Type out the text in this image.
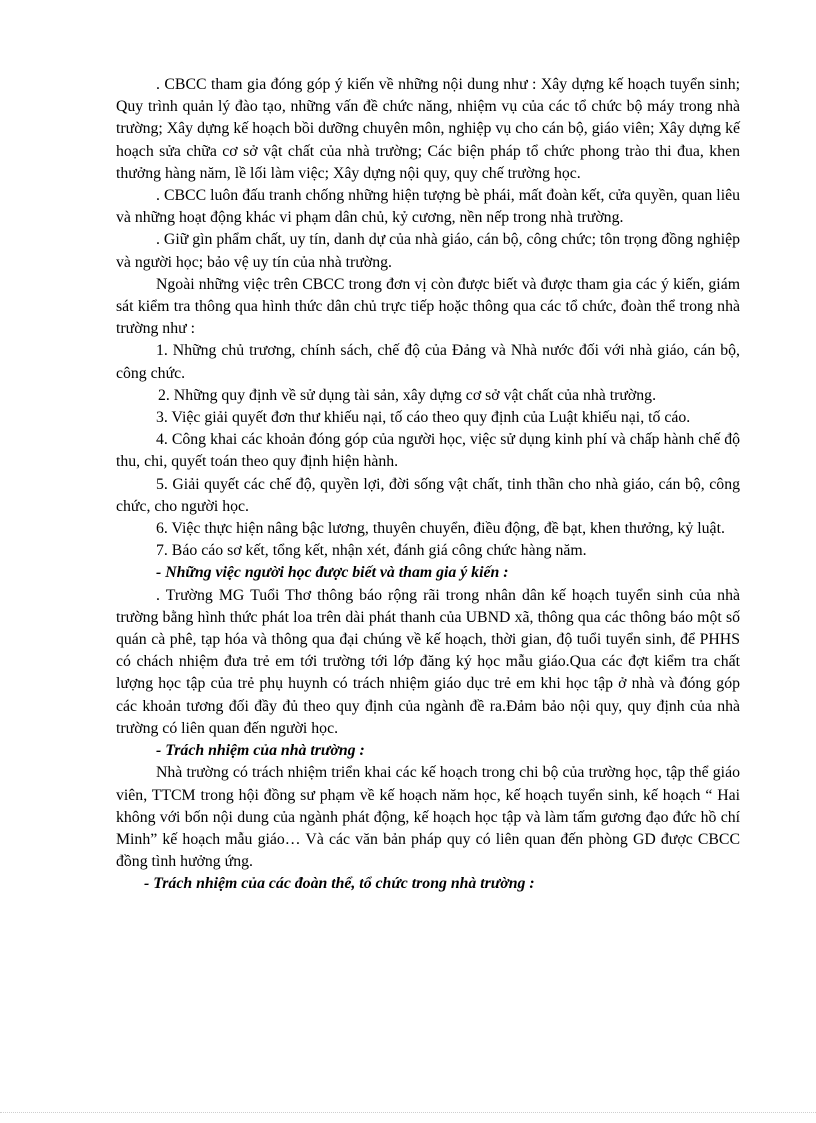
. CBCC tham gia đóng góp ý kiến về những nội dung như : Xây dựng kế hoạch tuyển sinh; Quy trình quản lý đào tạo, những vấn đề chức năng, nhiệm vụ của các tổ chức bộ máy trong nhà trường; Xây dựng kế hoạch bồi dưỡng chuyên môn, nghiệp vụ cho cán bộ, giáo viên; Xây dựng kế hoạch sửa chữa cơ sở vật chất của nhà trường; Các biện pháp tổ chức phong trào thi đua, khen thưởng hàng năm, lề lối làm việc; Xây dựng nội quy, quy chế trường học.

. CBCC luôn đấu tranh chống những hiện tượng bè phái, mất đoàn kết, cửa quyền, quan liêu và những hoạt động khác vi phạm dân chủ, kỷ cương, nền nếp trong nhà trường.

. Giữ gìn phẩm chất, uy tín, danh dự của nhà giáo, cán bộ, công chức; tôn trọng đồng nghiệp và người học; bảo vệ uy tín của nhà trường.

Ngoài những việc trên CBCC trong đơn vị còn được biết và được tham gia các ý kiến, giám sát kiểm tra thông qua hình thức dân chủ trực tiếp hoặc thông qua các tổ chức, đoàn thể trong nhà trường như :

1. Những chủ trương, chính sách, chế độ của Đảng và Nhà nước đối với nhà giáo, cán bộ, công chức.

2. Những quy định về sử dụng tài sản, xây dựng cơ sở vật chất của nhà trường.

3. Việc giải quyết đơn thư khiếu nại, tố cáo theo quy định của Luật khiếu nại, tố cáo.

4. Công khai các khoản đóng góp của người học, việc sử dụng kinh phí và chấp hành chế độ thu, chi, quyết toán theo quy định hiện hành.

5. Giải quyết các chế độ, quyền lợi, đời sống vật chất, tinh thần cho nhà giáo, cán bộ, công chức, cho người học.

6. Việc thực hiện nâng bậc lương, thuyên chuyển, điều động, đề bạt, khen thưởng, kỷ luật.

7. Báo cáo sơ kết, tổng kết, nhận xét, đánh giá công chức hàng năm.

- Những việc người học được biết và tham gia ý kiến :

. Trường MG Tuổi Thơ thông báo rộng rãi trong nhân dân kế hoạch tuyển sinh của nhà trường bằng hình thức phát loa trên dài phát thanh của UBND xã, thông qua các thông báo một số quán cà phê, tạp hóa và thông qua đại chúng về kế hoạch, thời gian, độ tuổi tuyển sinh, để PHHS có chách nhiệm đưa trẻ em tới trường tới lớp đăng ký học mẫu giáo.Qua các đợt kiểm tra chất lượng học tập của trẻ phụ huynh có trách nhiệm giáo dục trẻ em khi học tập ở nhà và đóng góp các khoản tương đối đầy đủ theo quy định của ngành đề ra.Đảm bảo nội quy, quy định của nhà trường có liên quan đến người học.

- Trách nhiệm của nhà trường :

Nhà trường có trách nhiệm triển khai các kế hoạch trong chi bộ của trường học, tập thể giáo viên, TTCM trong hội đồng sư phạm về kế hoạch năm học, kế hoạch tuyển sinh, kế hoạch “ Hai không với bốn nội dung của ngành phát động, kế hoạch học tập và làm tấm gương đạo đức hồ chí Minh” kế hoạch mẫu giáo… Và các văn bản pháp quy có liên quan đến phòng GD được CBCC đồng tình hưởng ứng.

- Trách nhiệm của các đoàn thể, tổ chức trong nhà trường :
